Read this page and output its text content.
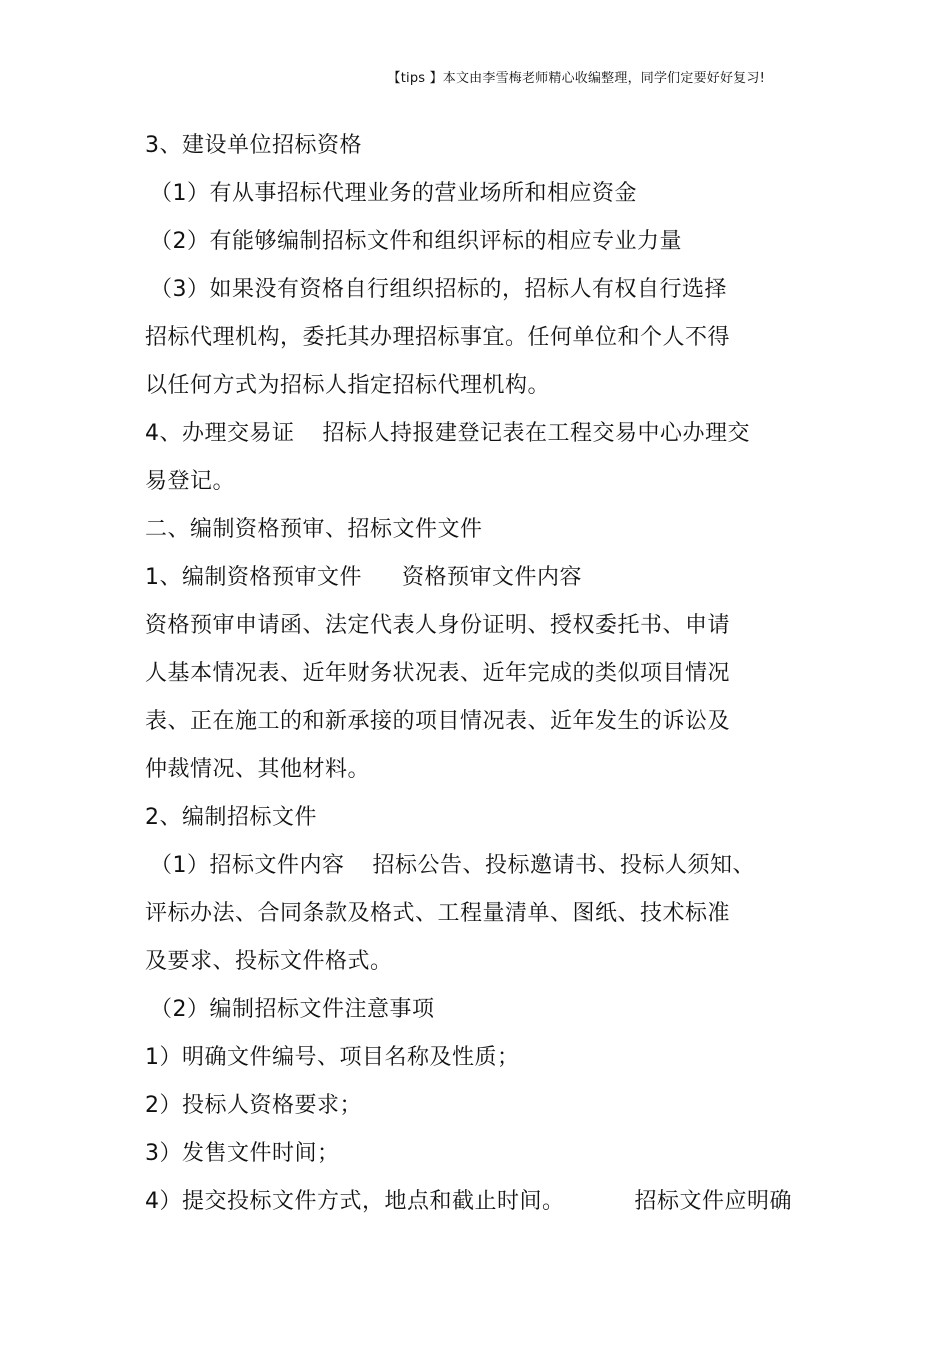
【tips 】本文由李雪梅老师精心收编整理，同学们定要好好复习!
3、建设单位招标资格
（1）有从事招标代理业务的营业场所和相应资金
（2）有能够编制招标文件和组织评标的相应专业力量
（3）如果没有资格自行组织招标的，招标人有权自行选择
招标代理机构，委托其办理招标事宜。任何单位和个人不得
以任何方式为招标人指定招标代理机构。
4、办理交易证 招标人持报建登记表在工程交易中心办理交
易登记。
二、编制资格预审、招标文件文件
1、编制资格预审文件 资格预审文件内容
资格预审申请函、法定代表人身份证明、授权委托书、申请
人基本情况表、近年财务状况表、近年完成的类似项目情况
表、正在施工的和新承接的项目情况表、近年发生的诉讼及
仲裁情况、其他材料。
2、编制招标文件
（1）招标文件内容 招标公告、投标邀请书、投标人须知、
评标办法、合同条款及格式、工程量清单、图纸、技术标准
及要求、投标文件格式。
（2）编制招标文件注意事项
1）明确文件编号、项目名称及性质；
2）投标人资格要求；
3）发售文件时间；
4）提交投标文件方式，地点和截止时间。	招标文件应明确
